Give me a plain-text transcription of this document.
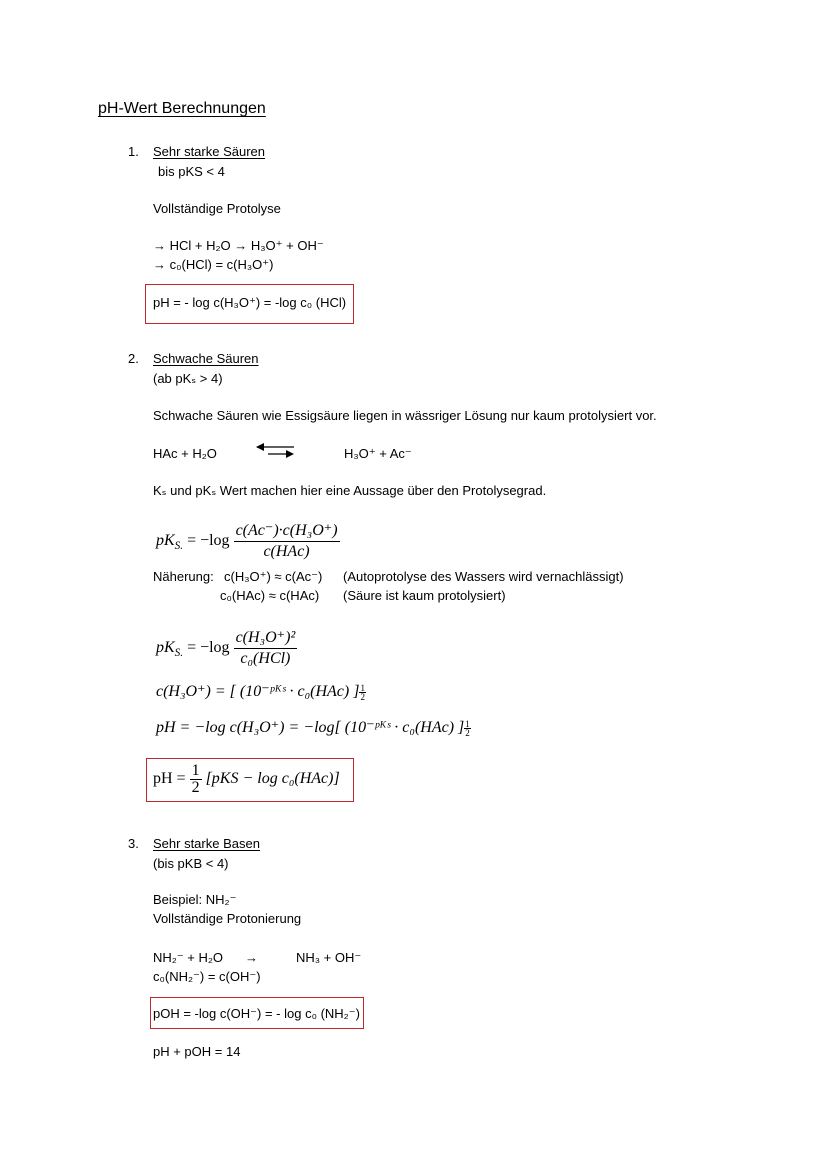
pH-Wert Berechnungen
1. Sehr starke Säuren
bis pKS < 4
Vollständige Protolyse
→ HCl + H₂O → H₃O⁺ + OH⁻
→ c₀(HCl) = c(H₃O⁺)
pH = - log c(H₃O⁺) = -log c₀ (HCl)
2. Schwache Säuren
(ab pKₛ > 4)
Schwache Säuren wie Essigsäure liegen in wässriger Lösung nur kaum protolysiert vor.
HAc + H₂O	H₃O⁺ + Ac⁻
Kₛ und pKₛ Wert machen hier eine Aussage über den Protolysegrad.
$pK_{S.} = -\log \frac{\text{c(Ac⁻)·c(H₃O⁺)}}{\text{c(HAc)}}$
Näherung: c(H₃O⁺) ≈ c(Ac⁻) (Autoprotolyse des Wassers wird vernachlässigt)
c₀(HAc) ≈ c(HAc) (Säure ist kaum protolysiert)
$pK_{S.} = -\log \frac{\text{c(H₃O⁺)²}}{\text{c₀(HCl)}}$
c(H₃O⁺) = [ (10⁻ᵖᴷˢ · c₀(HAc) ] $\frac{1}{2}$
pH = −log c(H₃O⁺) = −log[ (10⁻ᵖᴷˢ · c₀(HAc) ] $\frac{1}{2}$
pH = $\frac{1}{2} [pKS - \log c_0(HAc)]$
3. Sehr starke Basen
(bis pKB < 4)
Beispiel: NH₂⁻
Vollständige Protonierung
NH₂⁻ + H₂O →	NH₃ + OH⁻
c₀(NH₂⁻) = c(OH⁻)
pOH = -log c(OH⁻) = - log c₀ (NH₂⁻)
pH + pOH = 14
